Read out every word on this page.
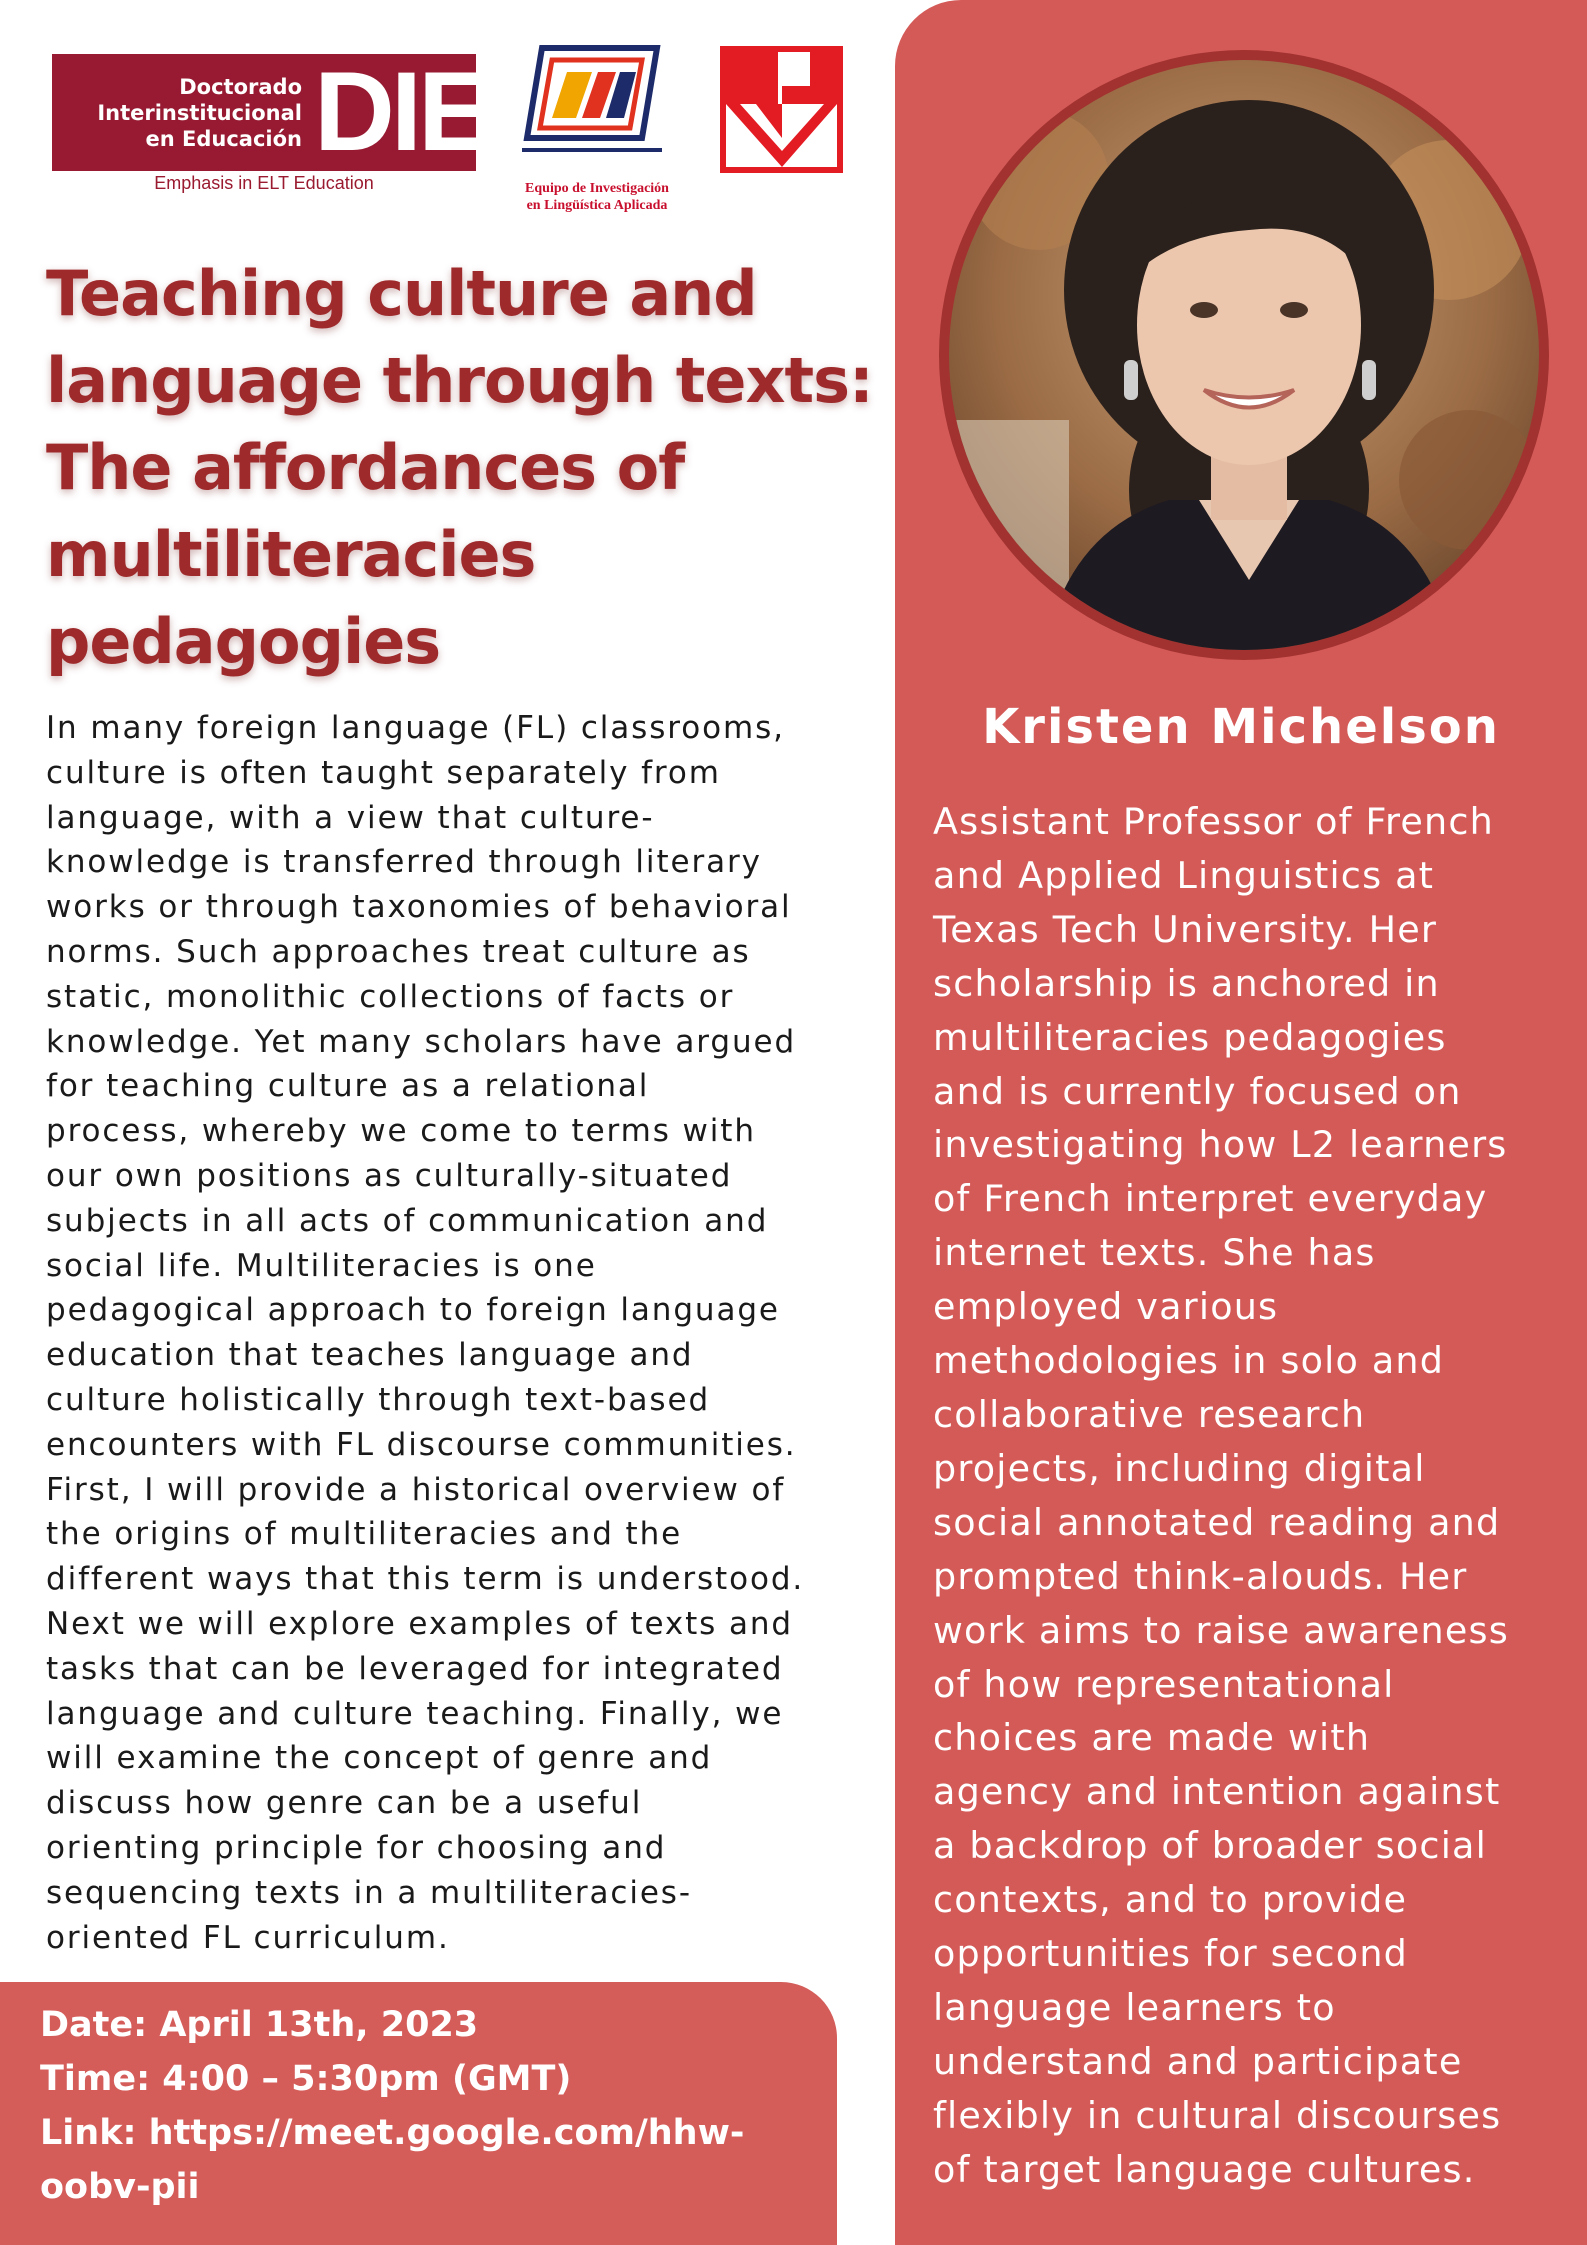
Doctorado
Interinstitucional
en Educación DIE
Emphasis in ELT Education	Equipo de Investigación
en Lingüística Aplicada
Teaching culture and
language through texts:
The affordances of
multiliteracies
pedagogies
In many foreign language (FL) classrooms,
culture is often taught separately from
language, with a view that culture-
knowledge is transferred through literary
works or through taxonomies of behavioral
norms. Such approaches treat culture as
static, monolithic collections of facts or
knowledge. Yet many scholars have argued
for teaching culture as a relational
process, whereby we come to terms with
our own positions as culturally-situated
subjects in all acts of communication and
social life. Multiliteracies is one
pedagogical approach to foreign language
education that teaches language and
culture holistically through text-based
encounters with FL discourse communities.
First, I will provide a historical overview of
the origins of multiliteracies and the
different ways that this term is understood.
Next we will explore examples of texts and
tasks that can be leveraged for integrated
language and culture teaching. Finally, we
will examine the concept of genre and
discuss how genre can be a useful
orienting principle for choosing and
sequencing texts in a multiliteracies-
oriented FL curriculum.
Date: April 13th, 2023
Time: 4:00 – 5:30pm (GMT)
Link: https://meet.google.com/hhw-
oobv-pii
Kristen Michelson
Assistant Professor of French
and Applied Linguistics at
Texas Tech University. Her
scholarship is anchored in
multiliteracies pedagogies
and is currently focused on
investigating how L2 learners
of French interpret everyday
internet texts. She has
employed various
methodologies in solo and
collaborative research
projects, including digital
social annotated reading and
prompted think-alouds. Her
work aims to raise awareness
of how representational
choices are made with
agency and intention against
a backdrop of broader social
contexts, and to provide
opportunities for second
language learners to
understand and participate
flexibly in cultural discourses
of target language cultures.
